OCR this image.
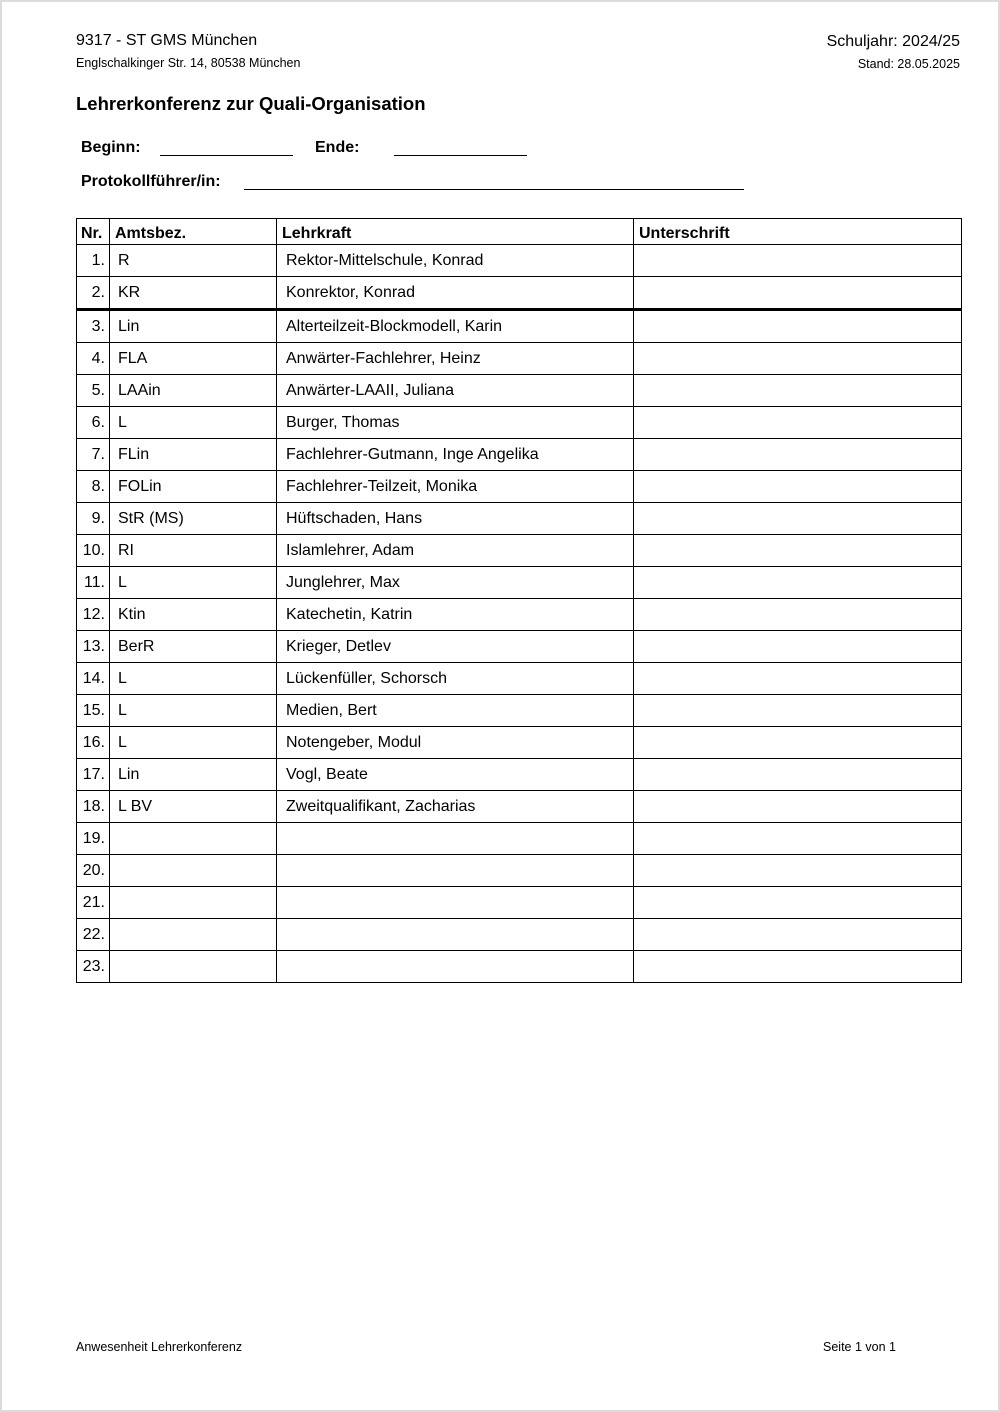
9317 - ST GMS München
Englschalkinger Str. 14, 80538 München
Schuljahr: 2024/25
Stand: 28.05.2025
Lehrerkonferenz zur Quali-Organisation
Beginn:	Ende:
Protokollführer/in:
Nr.	Amtsbez.	Lehrkraft	Unterschrift
1.	R	Rektor-Mittelschule, Konrad	
2.	KR	Konrektor, Konrad	
3.	Lin	Alterteilzeit-Blockmodell, Karin	
4.	FLA	Anwärter-Fachlehrer, Heinz	
5.	LAAin	Anwärter-LAAII, Juliana	
6.	L	Burger, Thomas	
7.	FLin	Fachlehrer-Gutmann, Inge Angelika	
8.	FOLin	Fachlehrer-Teilzeit, Monika	
9.	StR (MS)	Hüftschaden, Hans	
10.	RI	Islamlehrer, Adam	
11.	L	Junglehrer, Max	
12.	Ktin	Katechetin, Katrin	
13.	BerR	Krieger, Detlev	
14.	L	Lückenfüller, Schorsch	
15.	L	Medien, Bert	
16.	L	Notengeber, Modul	
17.	Lin	Vogl, Beate	
18.	L BV	Zweitqualifikant, Zacharias	
19.			
20.			
21.			
22.			
23.			
Anwesenheit Lehrerkonferenz	Seite 1 von 1
